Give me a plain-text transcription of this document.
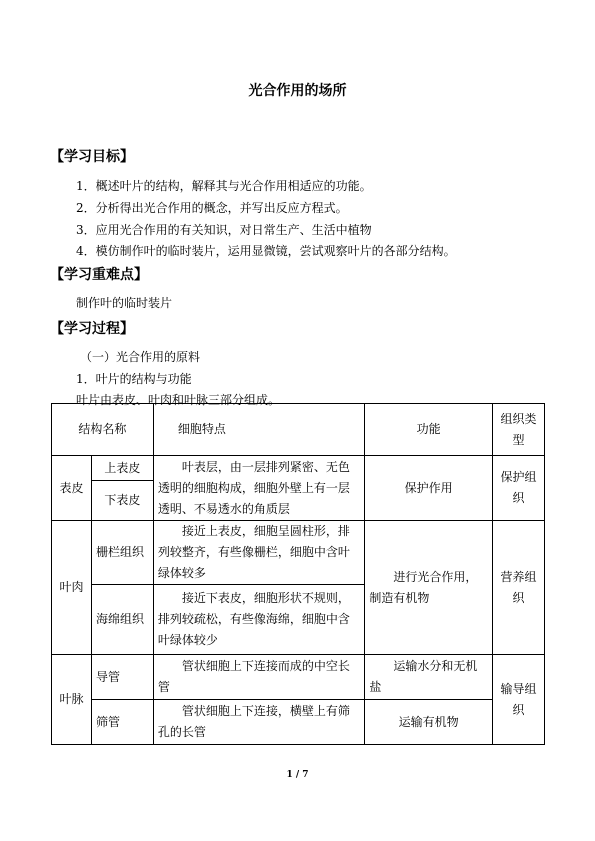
光合作用的场所
【学习目标】
1．概述叶片的结构，解释其与光合作用相适应的功能。
2．分析得出光合作用的概念，并写出反应方程式。
3．应用光合作用的有关知识，对日常生产、生活中植物
4．模仿制作叶的临时装片，运用显微镜，尝试观察叶片的各部分结构。
【学习重难点】
制作叶的临时装片
【学习过程】
（一）光合作用的原料
1．叶片的结构与功能
叶片由表皮、叶肉和叶脉三部分组成。
结构名称		细胞特点	功能	组织类型
表皮	上表皮	叶表层，由一层排列紧密、无色透明的细胞构成，细胞外壁上有一层透明、不易透水的角质层	保护作用	保护组织
	下表皮			
叶肉	栅栏组织	接近上表皮，细胞呈圆柱形，排列较整齐，有些像栅栏，细胞中含叶绿体较多	进行光合作用，制造有机物	营养组织
	海绵组织	接近下表皮，细胞形状不规则，排列较疏松，有些像海绵，细胞中含叶绿体较少		
叶脉	导管	管状细胞上下连接而成的中空长管	运输水分和无机盐	输导组织
	筛管	管状细胞上下连接，横壁上有筛孔的长管	运输有机物	
1 / 7
